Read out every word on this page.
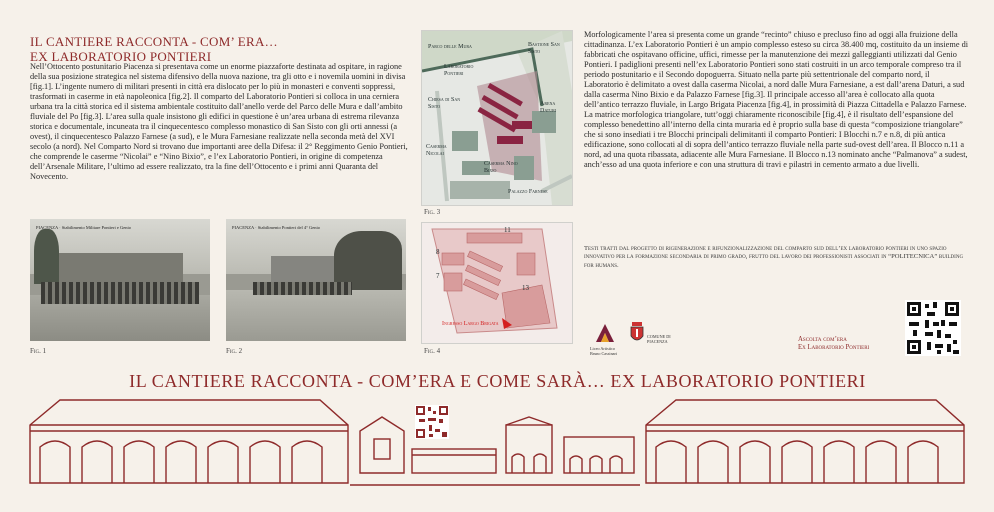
IL CANTIERE RACCONTA - COM’ ERA…
EX LABORATORIO PONTIERI
Nell’Ottocento postunitario Piacenza si presentava come un enorme piazzaforte destinata ad ospitare, in ragione della sua posizione strategica nel sistema difensivo della nuova nazione, tra gli otto e i novemila uomini in divisa [fig.1]. L’ingente numero di militari presenti in città era dislocato per lo più in monasteri e conventi soppressi, trasformati in caserme in età napoleonica [fig.2]. Il comparto del Laboratorio Pontieri si colloca in una cerniera urbana tra la città storica ed il sistema ambientale costituito dall’anello verde del Parco delle Mura e dall’ambito fluviale del Po [fig.3]. L’area sulla quale insistono gli edifici in questione è un’area urbana di estrema rilevanza storica e documentale, incuneata tra il cinquecentesco complesso monastico di San Sisto con gli orti annessi (a ovest), il cinquecentesco Palazzo Farnese (a sud), e le Mura Farnesiane realizzate nella seconda metà del XVI secolo (a nord). Nel Comparto Nord si trovano due importanti aree della Difesa: il 2° Reggimento Genio Pontieri, che comprende le caserme “Nicolai” e “Nino Bixio”, e l’ex Laboratorio Pontieri, in origine di competenza dell’Arsenale Militare, l’ultimo ad essere realizzato, tra la fine dell’Ottocento e i primi anni Quaranta del Novecento.
PIACENZA · Stabilimento Militare Pontieri e Genio
Fig. 1
PIACENZA · Stabilimento Pontieri del 4° Genio
Fig. 2
Parco delle Mura	Bastione San Sisto
Laboratorio Pontieri
Chiesa di San Sisto	Arena Daturi
Caserma Nicolai
Caserma Nino Bixio
Palazzo Farnese
Fig. 3
11
8
7
13
Ingresso Largo Brigata
Fig. 4
Morfologicamente l’area si presenta come un grande “recinto” chiuso e precluso fino ad oggi alla fruizione della cittadinanza. L’ex Laboratorio Pontieri è un ampio complesso esteso su circa 38.400 mq, costituito da un insieme di fabbricati che ospitavano officine, uffici, rimesse per la manutenzione dei mezzi galleggianti utilizzati dal Genio Pontieri. I padiglioni presenti nell’ex Laboratorio Pontieri sono stati costruiti in un arco temporale compreso tra il periodo postunitario e il Secondo dopoguerra. Situato nella parte più settentrionale del comparto nord, il Laboratorio è delimitato a ovest dalla caserma Nicolai, a nord dalle Mura Farnesiane, a est dall’arena Daturi, a sud dalla caserma Nino Bixio e da Palazzo Farnese [fig.3]. Il principale accesso all’area è collocato alla quota dell’antico terrazzo fluviale, in Largo Brigata Piacenza [fig.4], in prossimità di Piazza Cittadella e Palazzo Farnese. La matrice morfologica triangolare, tutt’oggi chiaramente riconoscibile [fig.4], è il risultato dell’espansione del complesso benedettino all’interno della cinta muraria ed è proprio sulla base di questa “composizione triangolare” che si sono insediati i tre Blocchi principali delimitanti il comparto Pontieri: I Blocchi n.7 e n.8, di più antica edificazione, sono collocati al di sopra dell’antico terrazzo fluviale nella parte sud-ovest dell’area. Il Blocco n.11 a nord, ad una quota ribassata, adiacente alle Mura Farnesiane. Il Blocco n.13 nominato anche “Palmanova” a sudest, anch’esso ad una quota inferiore e con una struttura di travi e pilastri in cemento armato a due livelli.
Testi tratti dal progetto di rigenerazione e rifunzionalizzazione del comparto sud dell’ex laboratorio pontieri in uno spazio innovativo per la formazione secondaria di primo grado, frutto del lavoro dei professionisti associati in “POLITECNICA” building for humans.
Liceo Artistico Bruno Cassinari
COMUNE DI PIACENZA	Ascolta com’era
Ex Laboratorio Pontieri
IL CANTIERE RACCONTA - COM’ERA E COME SARÀ… EX LABORATORIO PONTIERI
